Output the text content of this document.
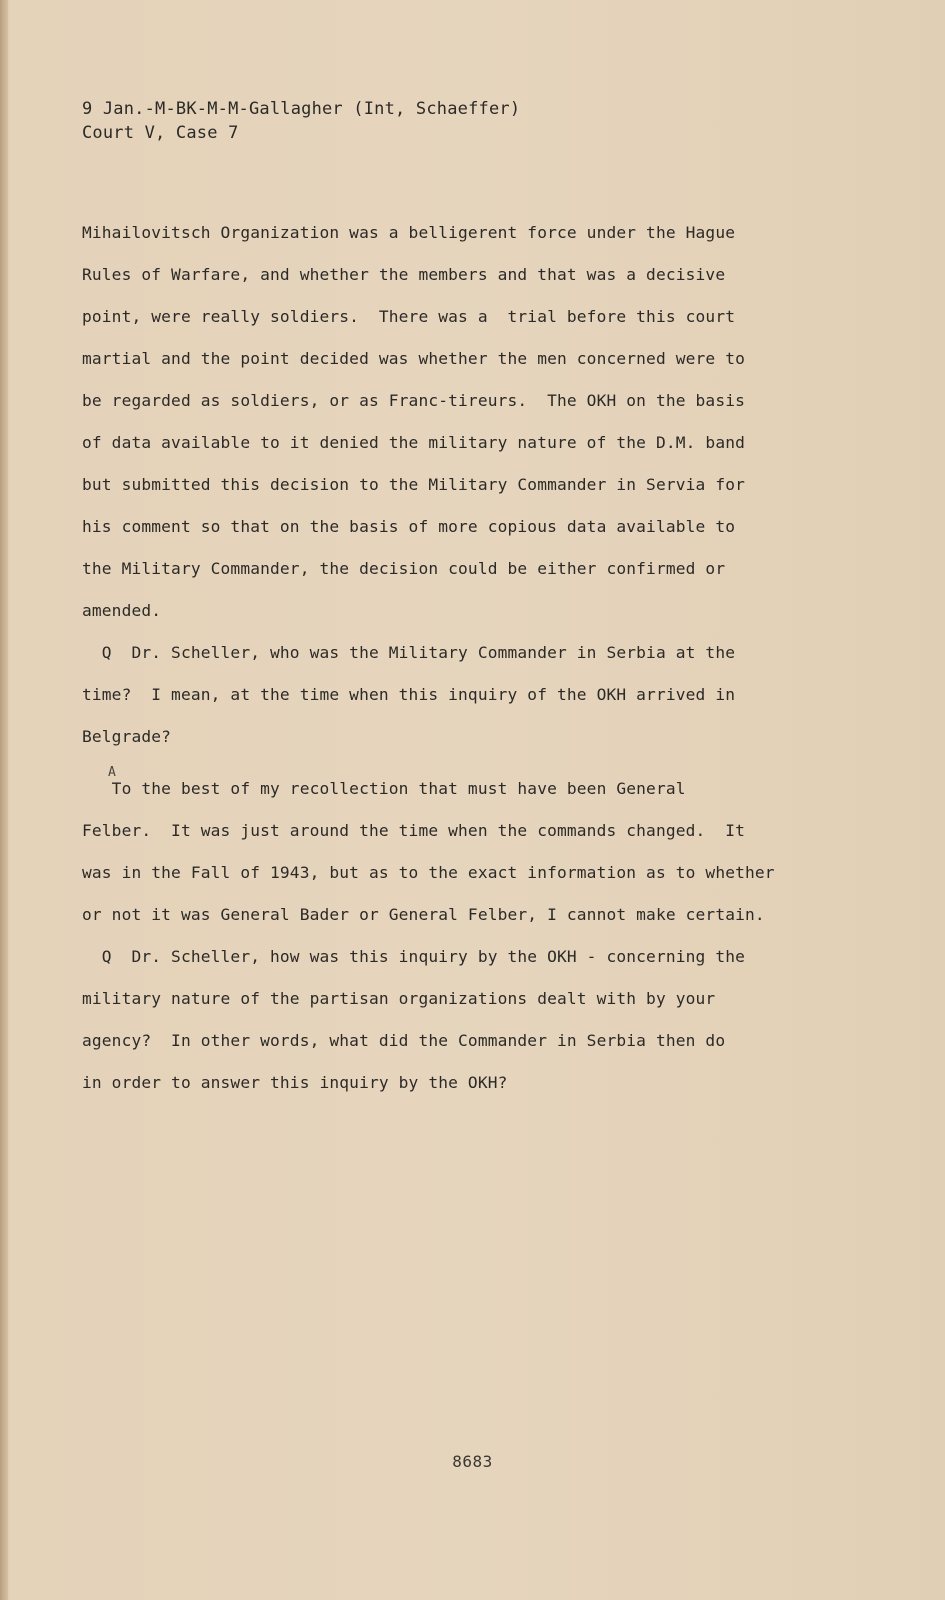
9 Jan.-M-BK-M-M-Gallagher (Int, Schaeffer)
Court V, Case 7
Mihailovitsch Organization was a belligerent force under the Hague
Rules of Warfare, and whether the members and that was a decisive
point, were really soldiers.  There was a  trial before this court
martial and the point decided was whether the men concerned were to
be regarded as soldiers, or as Franc-tireurs.  The OKH on the basis
of data available to it denied the military nature of the D.M. band
but submitted this decision to the Military Commander in Servia for
his comment so that on the basis of more copious data available to
the Military Commander, the decision could be either confirmed or
amended.
Q  Dr. Scheller, who was the Military Commander in Serbia at the
time?  I mean, at the time when this inquiry of the OKH arrived in
Belgrade?
A
To the best of my recollection that must have been General
Felber.  It was just around the time when the commands changed.  It
was in the Fall of 1943, but as to the exact information as to whether
or not it was General Bader or General Felber, I cannot make certain.
Q  Dr. Scheller, how was this inquiry by the OKH - concerning the
military nature of the partisan organizations dealt with by your
agency?  In other words, what did the Commander in Serbia then do
in order to answer this inquiry by the OKH?
8683
